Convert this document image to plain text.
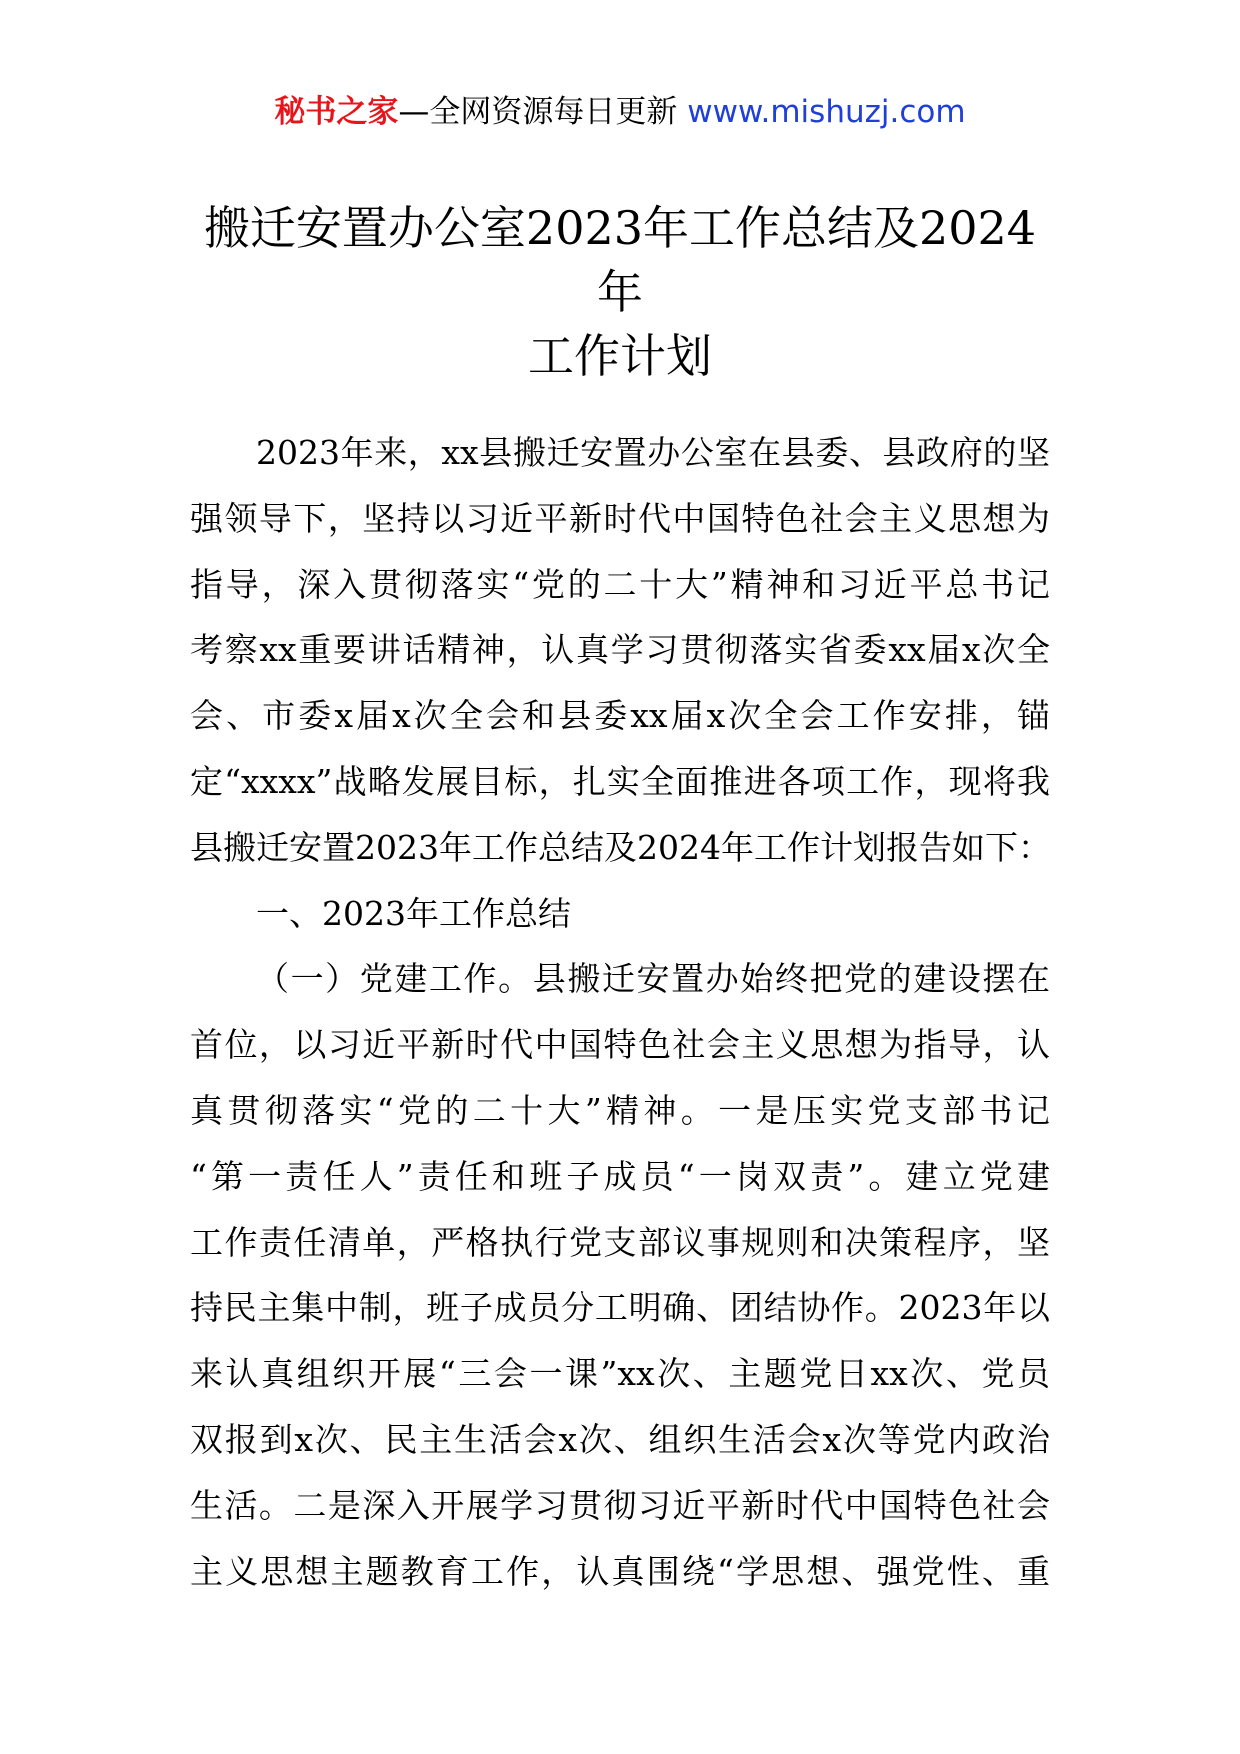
秘书之家—全网资源每日更新 www.mishuzj.com
搬迁安置办公室2023年工作总结及2024年
工作计划
2023年来，xx县搬迁安置办公室在县委、县政府的坚
强领导下，坚持以习近平新时代中国特色社会主义思想为
指导，深入贯彻落实“党的二十大”精神和习近平总书记
考察xx重要讲话精神，认真学习贯彻落实省委xx届x次全
会、市委x届x次全会和县委xx届x次全会工作安排，锚
定“xxxx”战略发展目标，扎实全面推进各项工作，现将我
县搬迁安置2023年工作总结及2024年工作计划报告如下：
一、2023年工作总结
（一）党建工作。县搬迁安置办始终把党的建设摆在
首位，以习近平新时代中国特色社会主义思想为指导，认
真贯彻落实“党的二十大”精神。一是压实党支部书记
“第一责任人”责任和班子成员“一岗双责”。建立党建
工作责任清单，严格执行党支部议事规则和决策程序，坚
持民主集中制，班子成员分工明确、团结协作。2023年以
来认真组织开展“三会一课”xx次、主题党日xx次、党员
双报到x次、民主生活会x次、组织生活会x次等党内政治
生活。二是深入开展学习贯彻习近平新时代中国特色社会
主义思想主题教育工作，认真围绕“学思想、强党性、重
